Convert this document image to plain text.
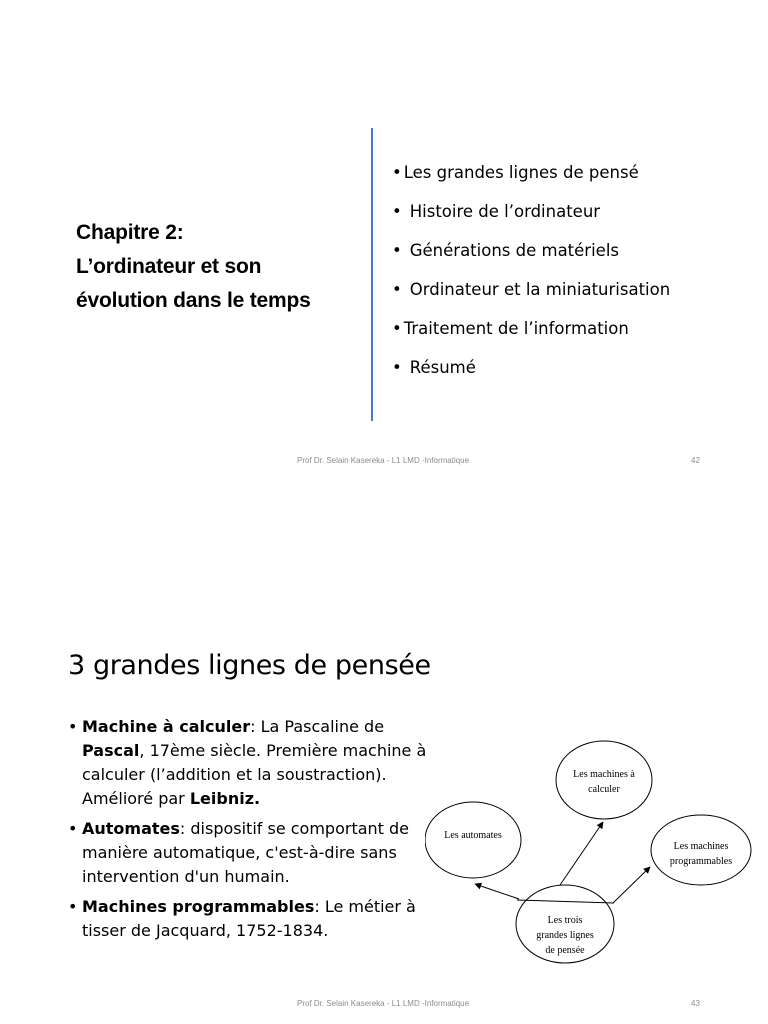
Chapitre 2:
L’ordinateur et son
évolution dans le temps
• Les grandes lignes de pensé
• Histoire de l’ordinateur
• Générations de matériels
• Ordinateur et la miniaturisation
• Traitement de l’information
• Résumé
Prof Dr. Selain Kasereka - L1 LMD -Informatique	42
3 grandes lignes de pensée
• Machine à calculer: La Pascaline de Pascal, 17ème siècle. Première machine à calculer (l’addition et la soustraction). Amélioré par Leibniz.
• Automates: dispositif se comportant de manière automatique, c'est-à-dire sans intervention d'un humain.
• Machines programmables: Le métier à tisser de Jacquard, 1752-1834.
Les machines à
calculer
Les automates
Les machines
programmables
Les trois
grandes lignes
de pensée
Prof Dr. Selain Kasereka - L1 LMD -Informatique	43
